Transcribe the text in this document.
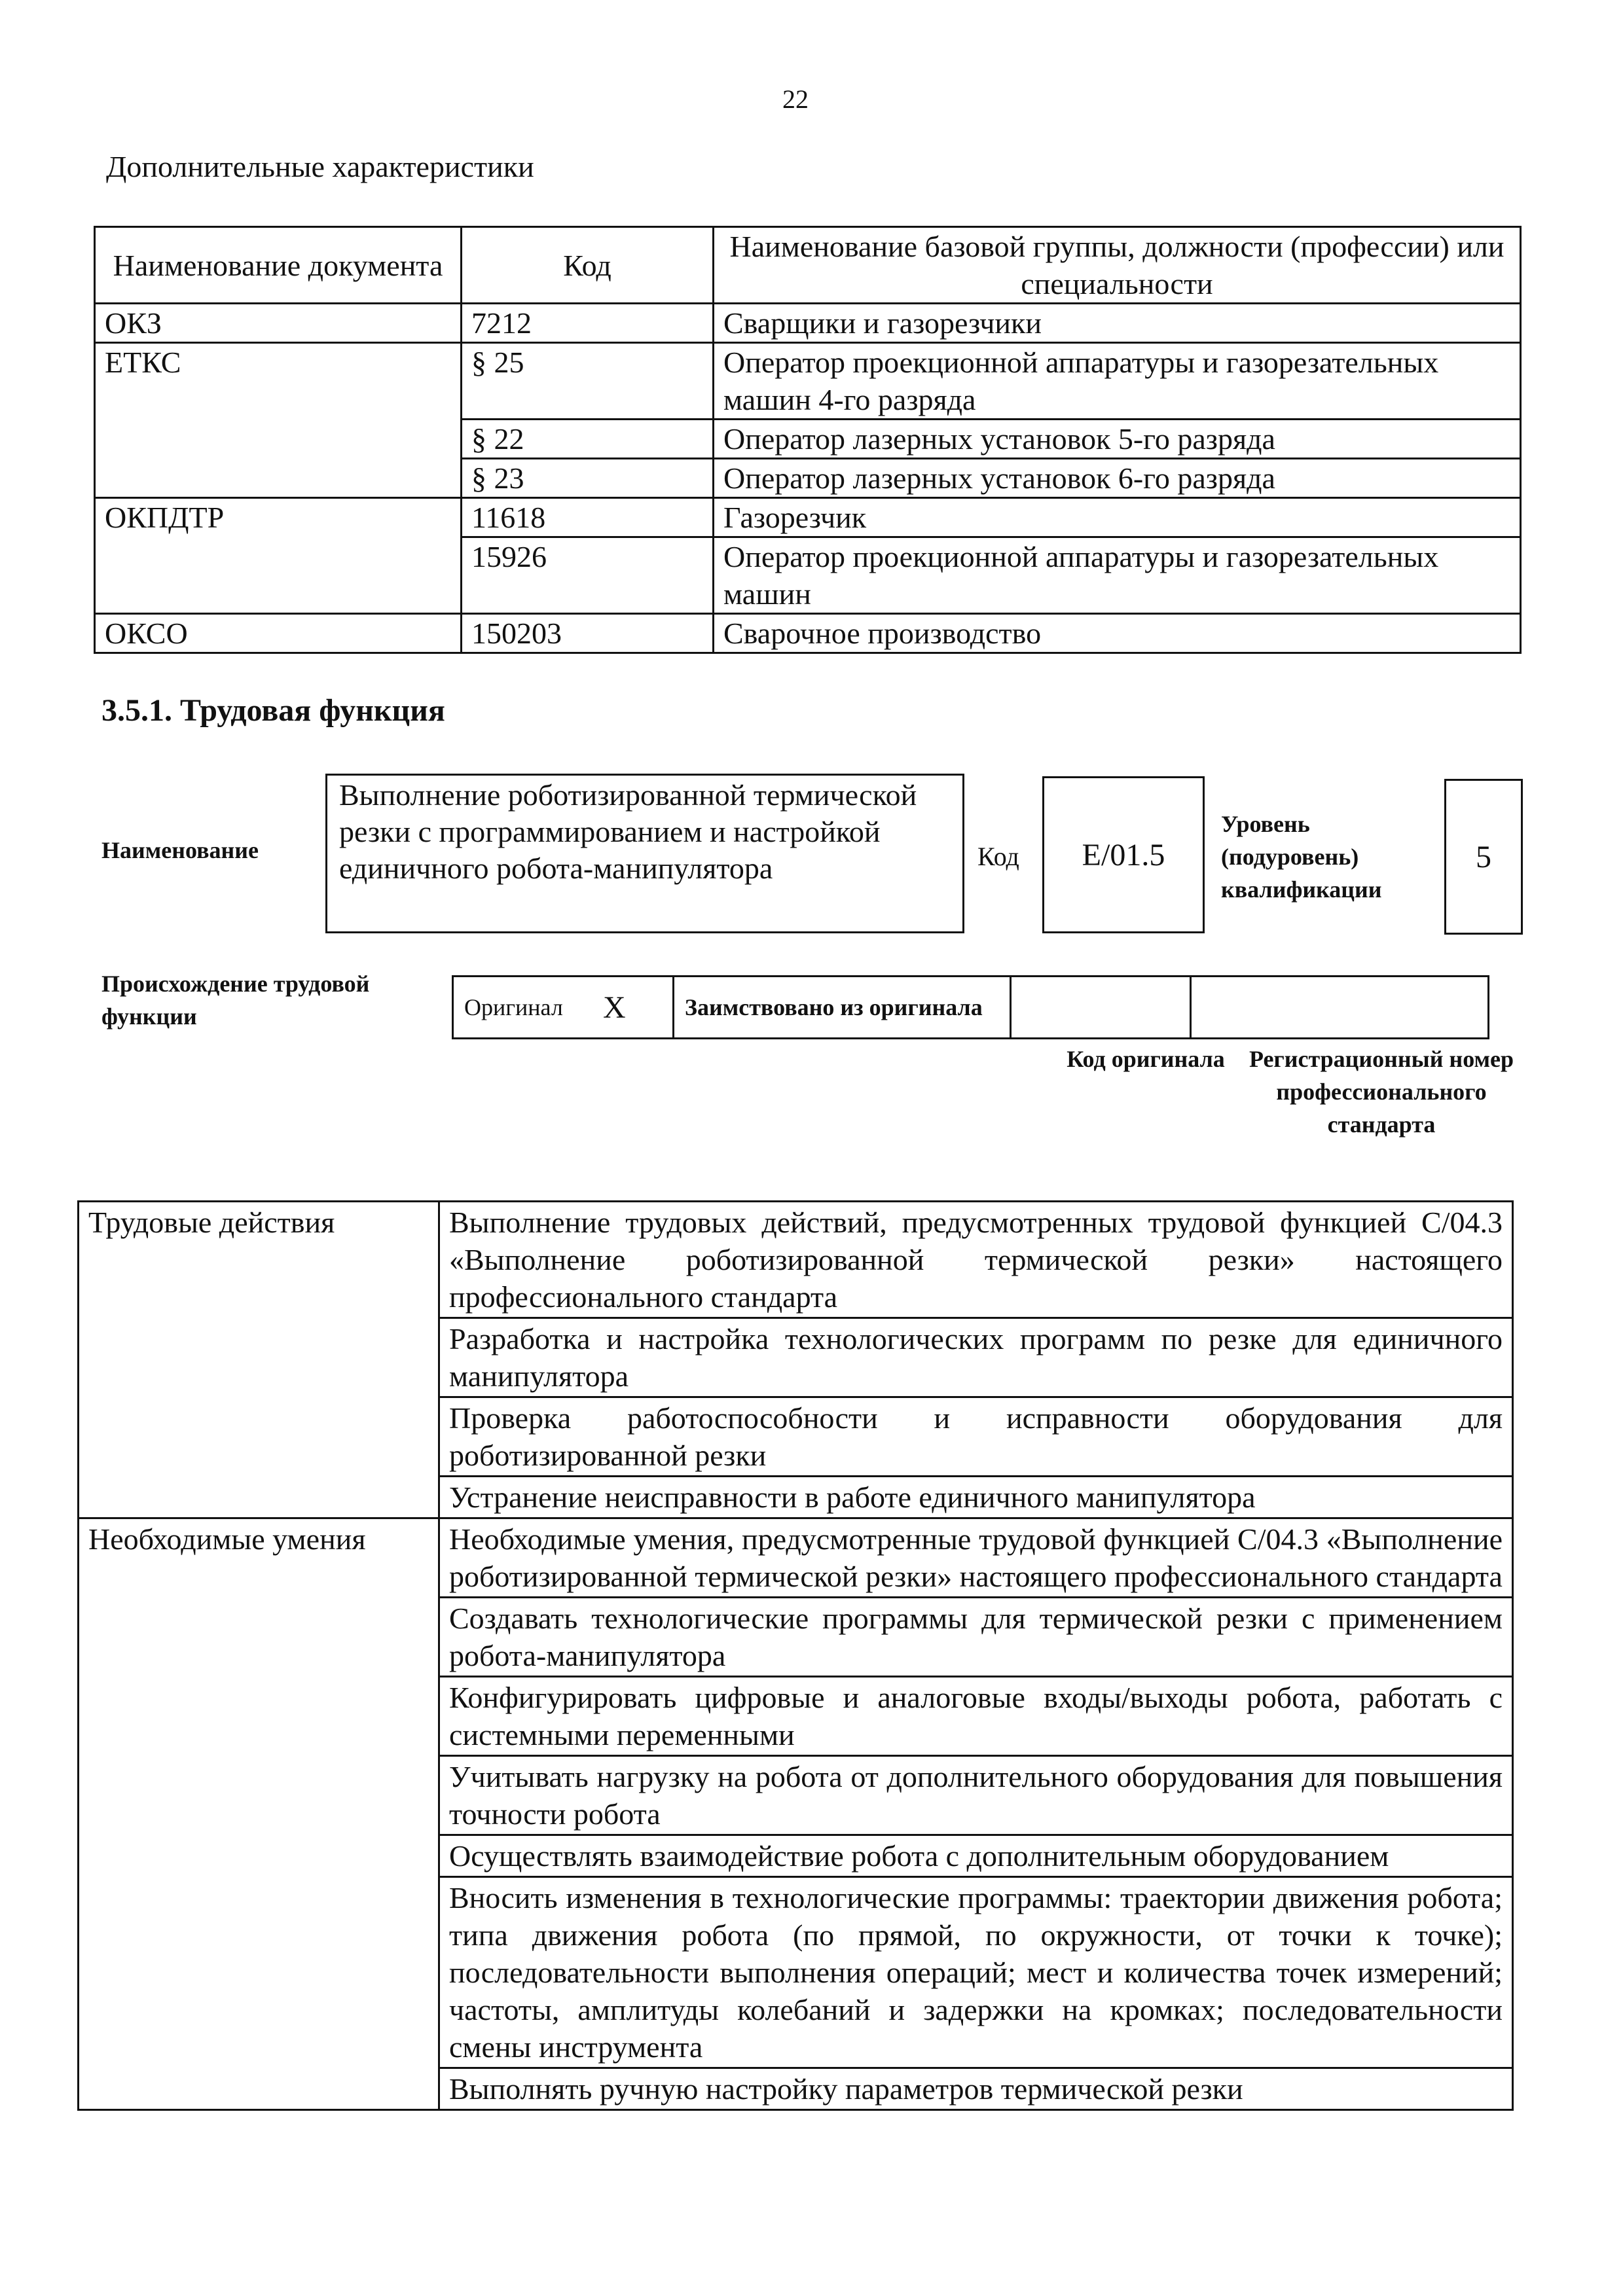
22
Дополнительные характеристики
Наименование документа	Код	Наименование базовой группы, должности (профессии) или специальности
ОКЗ	7212	Сварщики и газорезчики
ЕТКС	§ 25	Оператор проекционной аппаратуры и газорезательных машин 4-го разряда
	§ 22	Оператор лазерных установок 5-го разряда
	§ 23	Оператор лазерных установок 6-го разряда
ОКПДТР	11618	Газорезчик
	15926	Оператор проекционной аппаратуры и газорезательных машин
ОКСО	150203	Сварочное производство
3.5.1. Трудовая функция
Наименование
Выполнение роботизированной термической резки с программированием и настройкой единичного робота-манипулятора	Код	E/01.5
Уровень (подуровень) квалификации
5
Происхождение трудовой функции	Оригинал	X	Заимствовано из оригинала		
Код оригинала Регистрационный номер профессионального стандарта
Трудовые действия	Выполнение трудовых действий, предусмотренных трудовой функцией С/04.3 «Выполнение роботизированной термической резки» настоящего профессионального стандарта
	Разработка и настройка технологических программ по резке для единичного манипулятора
	Проверка работоспособности и исправности оборудования для роботизированной резки
	Устранение неисправности в работе единичного манипулятора
Необходимые умения	Необходимые умения, предусмотренные трудовой функцией С/04.3 «Выполнение роботизированной термической резки» настоящего профессионального стандарта
	Создавать технологические программы для термической резки с применением робота-манипулятора
	Конфигурировать цифровые и аналоговые входы/выходы робота, работать с системными переменными
	Учитывать нагрузку на робота от дополнительного оборудования для повышения точности робота
	Осуществлять взаимодействие робота с дополнительным оборудованием
	Вносить изменения в технологические программы: траектории движения робота; типа движения робота (по прямой, по окружности, от точки к точке); последовательности выполнения операций; мест и количества точек измерений; частоты, амплитуды колебаний и задержки на кромках; последовательности смены инструмента
	Выполнять ручную настройку параметров термической резки
